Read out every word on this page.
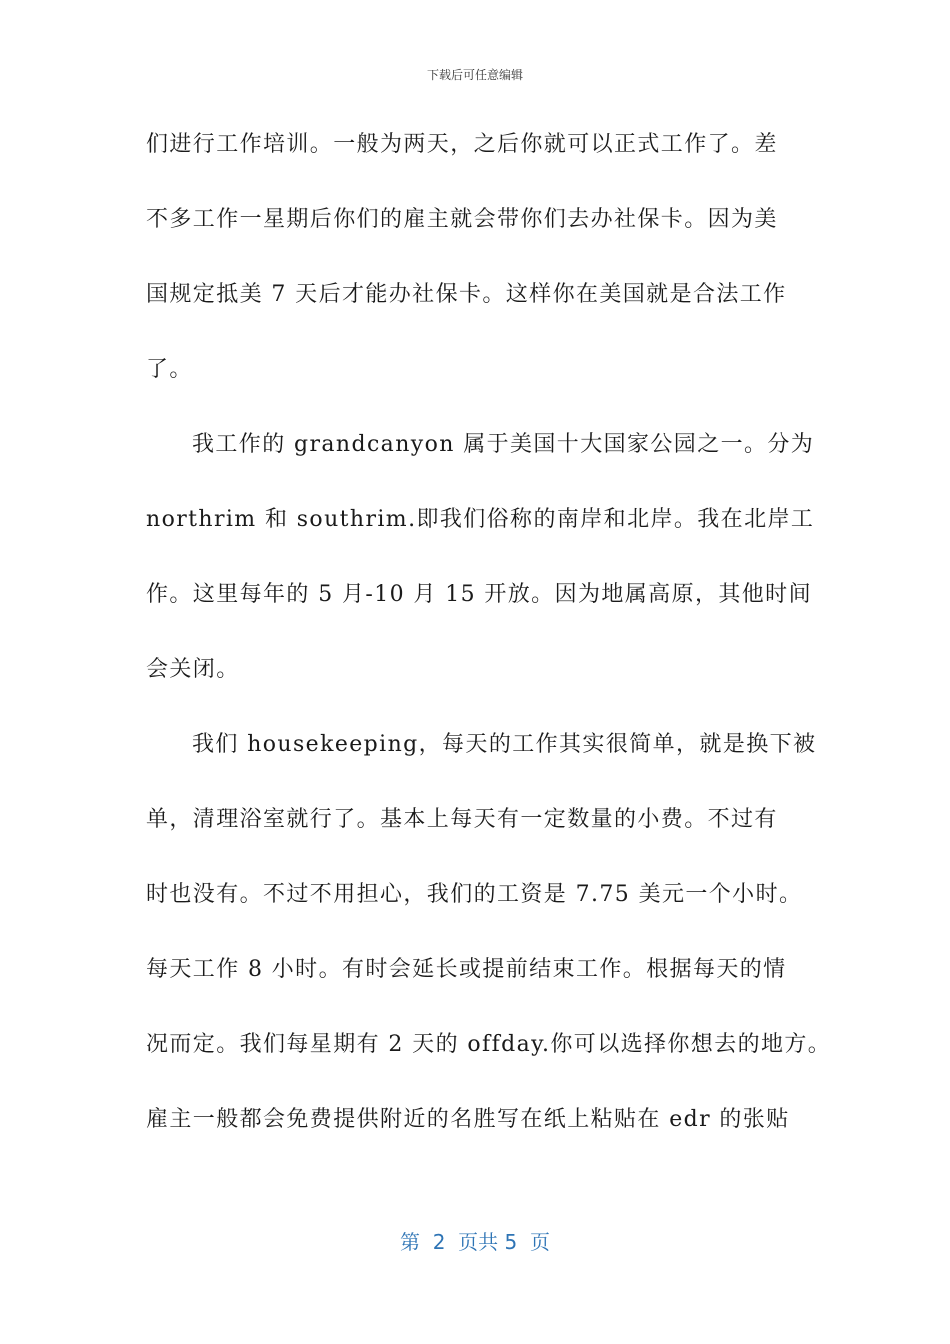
下载后可任意编辑
们进行工作培训。一般为两天，之后你就可以正式工作了。差
不多工作一星期后你们的雇主就会带你们去办社保卡。因为美
国规定抵美 7 天后才能办社保卡。这样你在美国就是合法工作
了。
我工作的 grandcanyon 属于美国十大国家公园之一。分为
northrim 和 southrim.即我们俗称的南岸和北岸。我在北岸工
作。这里每年的 5 月-10 月 15 开放。因为地属高原，其他时间
会关闭。
我们 housekeeping，每天的工作其实很简单，就是换下被
单，清理浴室就行了。基本上每天有一定数量的小费。不过有
时也没有。不过不用担心，我们的工资是 7.75 美元一个小时。
每天工作 8 小时。有时会延长或提前结束工作。根据每天的情
况而定。我们每星期有 2 天的 offday.你可以选择你想去的地方。
雇主一般都会免费提供附近的名胜写在纸上粘贴在 edr 的张贴
第  2  页共 5  页
